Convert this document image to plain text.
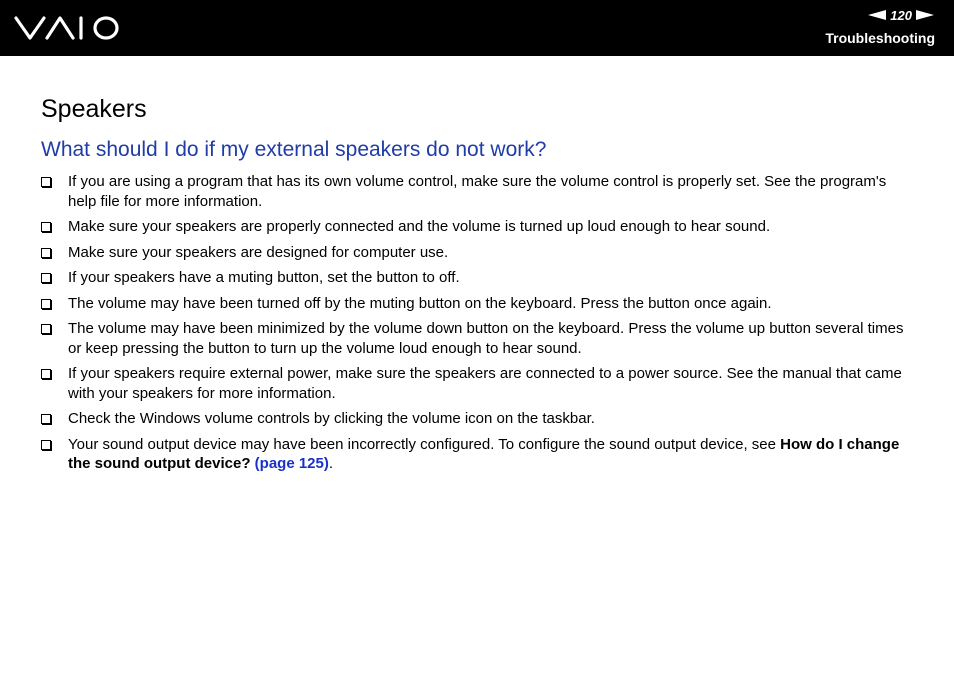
120
Troubleshooting
Speakers
What should I do if my external speakers do not work?
If you are using a program that has its own volume control, make sure the volume control is properly set. See the program's help file for more information.
Make sure your speakers are properly connected and the volume is turned up loud enough to hear sound.
Make sure your speakers are designed for computer use.
If your speakers have a muting button, set the button to off.
The volume may have been turned off by the muting button on the keyboard. Press the button once again.
The volume may have been minimized by the volume down button on the keyboard. Press the volume up button several times or keep pressing the button to turn up the volume loud enough to hear sound.
If your speakers require external power, make sure the speakers are connected to a power source. See the manual that came with your speakers for more information.
Check the Windows volume controls by clicking the volume icon on the taskbar.
Your sound output device may have been incorrectly configured. To configure the sound output device, see How do I change the sound output device? (page 125).
